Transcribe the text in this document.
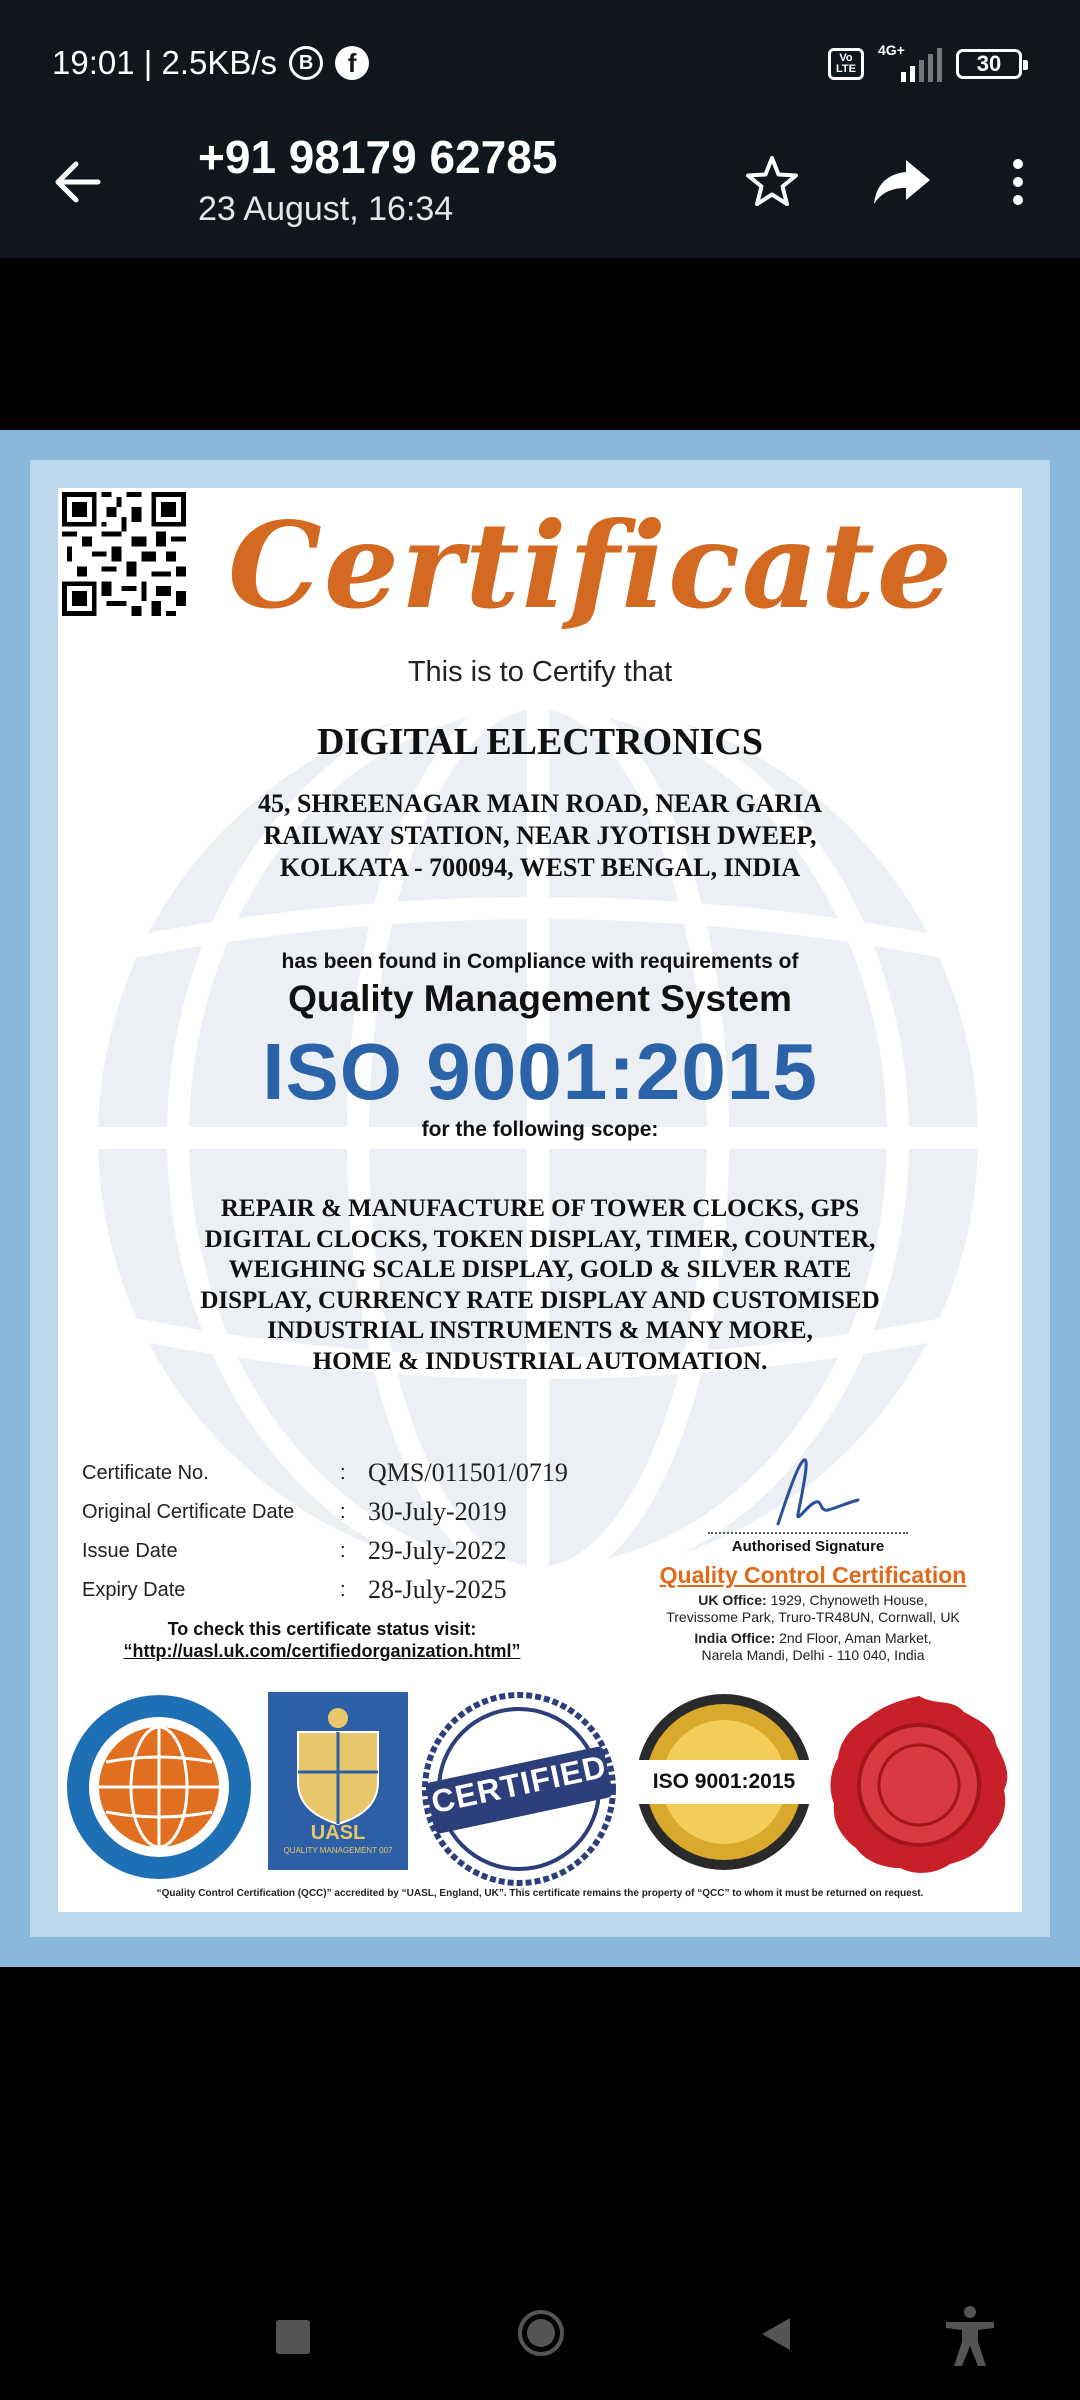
19:01 | 2.5KB/s	B	f	Vo LTE
4G+
30
+91 98179 62785
23 August, 16:34
Certificate
This is to Certify that
DIGITAL ELECTRONICS
45, SHREENAGAR MAIN ROAD, NEAR GARIA
RAILWAY STATION, NEAR JYOTISH DWEEP,
KOLKATA - 700094, WEST BENGAL, INDIA
has been found in Compliance with requirements of
Quality Management System
ISO 9001:2015
for the following scope:
REPAIR & MANUFACTURE OF TOWER CLOCKS, GPS
DIGITAL CLOCKS, TOKEN DISPLAY, TIMER, COUNTER,
WEIGHING SCALE DISPLAY, GOLD & SILVER RATE
DISPLAY, CURRENCY RATE DISPLAY AND CUSTOMISED
INDUSTRIAL INSTRUMENTS & MANY MORE,
HOME & INDUSTRIAL AUTOMATION.
Certificate No.	: QMS/011501/0719
Original Certificate Date : 30-July-2019
Issue Date	: 29-July-2022
Expiry Date	: 28-July-2025
To check this certificate status visit:
“http://uasl.uk.com/certifiedorganization.html”
Authorised Signature
Quality Control Certification
UK Office: 1929, Chynoweth House,
Trevissome Park, Truro-TR48UN, Cornwall, UK
India Office: 2nd Floor, Aman Market,
Narela Mandi, Delhi - 110 040, India
UASL
QUALITY MANAGEMENT 007
CERTIFIED	ISO 9001:2015
“Quality Control Certification (QCC)” accredited by “UASL, England, UK”. This certificate remains the property of “QCC” to whom it must be returned on request.
